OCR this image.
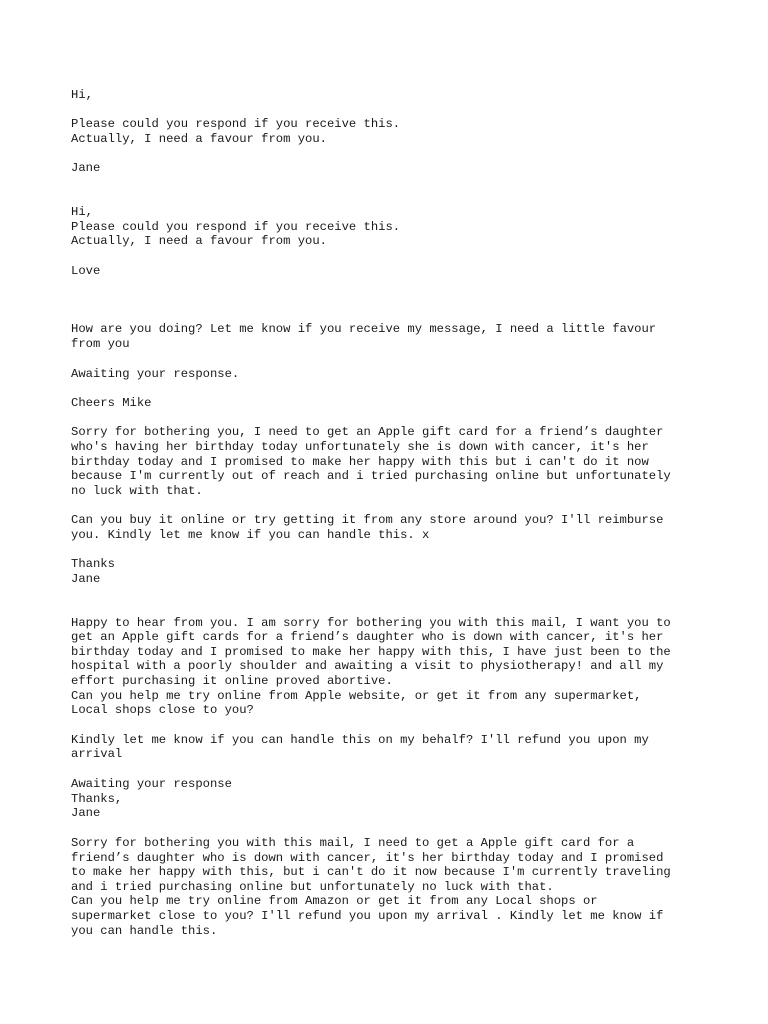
Hi,

Please could you respond if you receive this.

Actually, I need a favour from you.

Jane

Hi,

Please could you respond if you receive this.

Actually, I need a favour from you.

Love

How are you doing? Let me know if you receive my message, I need a little favour

from you

Awaiting your response.

Cheers Mike

Sorry for bothering you, I need to get an Apple gift card for a friend’s daughter

who's having her birthday today unfortunately she is down with cancer, it's her

birthday today and I promised to make her happy with this but i can't do it now

because I'm currently out of reach and i tried purchasing online but unfortunately

no luck with that.

Can you buy it online or try getting it from any store around you? I'll reimburse

you. Kindly let me know if you can handle this. x

Thanks

Jane

Happy to hear from you. I am sorry for bothering you with this mail, I want you to

get an Apple gift cards for a friend’s daughter who is down with cancer, it's her

birthday today and I promised to make her happy with this, I have just been to the

hospital with a poorly shoulder and awaiting a visit to physiotherapy! and all my

effort purchasing it online proved abortive.

Can you help me try online from Apple website, or get it from any supermarket,

Local shops close to you?

Kindly let me know if you can handle this on my behalf? I'll refund you upon my

arrival

Awaiting your response

Thanks,

Jane

Sorry for bothering you with this mail, I need to get a Apple gift card for a

friend’s daughter who is down with cancer, it's her birthday today and I promised

to make her happy with this, but i can't do it now because I'm currently traveling

and i tried purchasing online but unfortunately no luck with that.

Can you help me try online from Amazon or get it from any Local shops or

supermarket close to you? I'll refund you upon my arrival . Kindly let me know if

you can handle this.
